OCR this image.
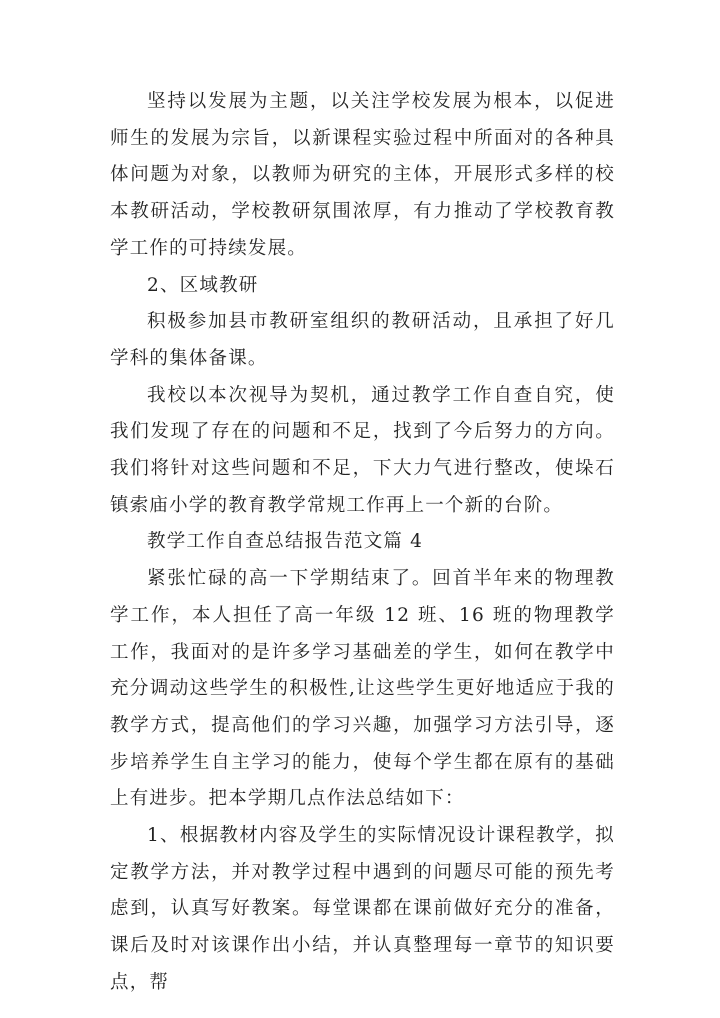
坚持以发展为主题，以关注学校发展为根本，以促进师生的发展为宗旨，以新课程实验过程中所面对的各种具体问题为对象，以教师为研究的主体，开展形式多样的校本教研活动，学校教研氛围浓厚，有力推动了学校教育教学工作的可持续发展。

2、区域教研

积极参加县市教研室组织的教研活动，且承担了好几学科的集体备课。

我校以本次视导为契机，通过教学工作自查自究，使我们发现了存在的问题和不足，找到了今后努力的方向。我们将针对这些问题和不足，下大力气进行整改，使垛石镇索庙小学的教育教学常规工作再上一个新的台阶。

教学工作自查总结报告范文篇 4

紧张忙碌的高一下学期结束了。回首半年来的物理教学工作，本人担任了高一年级 12 班、16 班的物理教学工作，我面对的是许多学习基础差的学生，如何在教学中充分调动这些学生的积极性,让这些学生更好地适应于我的教学方式，提高他们的学习兴趣，加强学习方法引导，逐步培养学生自主学习的能力，使每个学生都在原有的基础上有进步。把本学期几点作法总结如下：

1、根据教材内容及学生的实际情况设计课程教学，拟定教学方法，并对教学过程中遇到的问题尽可能的预先考虑到，认真写好教案。每堂课都在课前做好充分的准备，课后及时对该课作出小结，并认真整理每一章节的知识要点，帮
